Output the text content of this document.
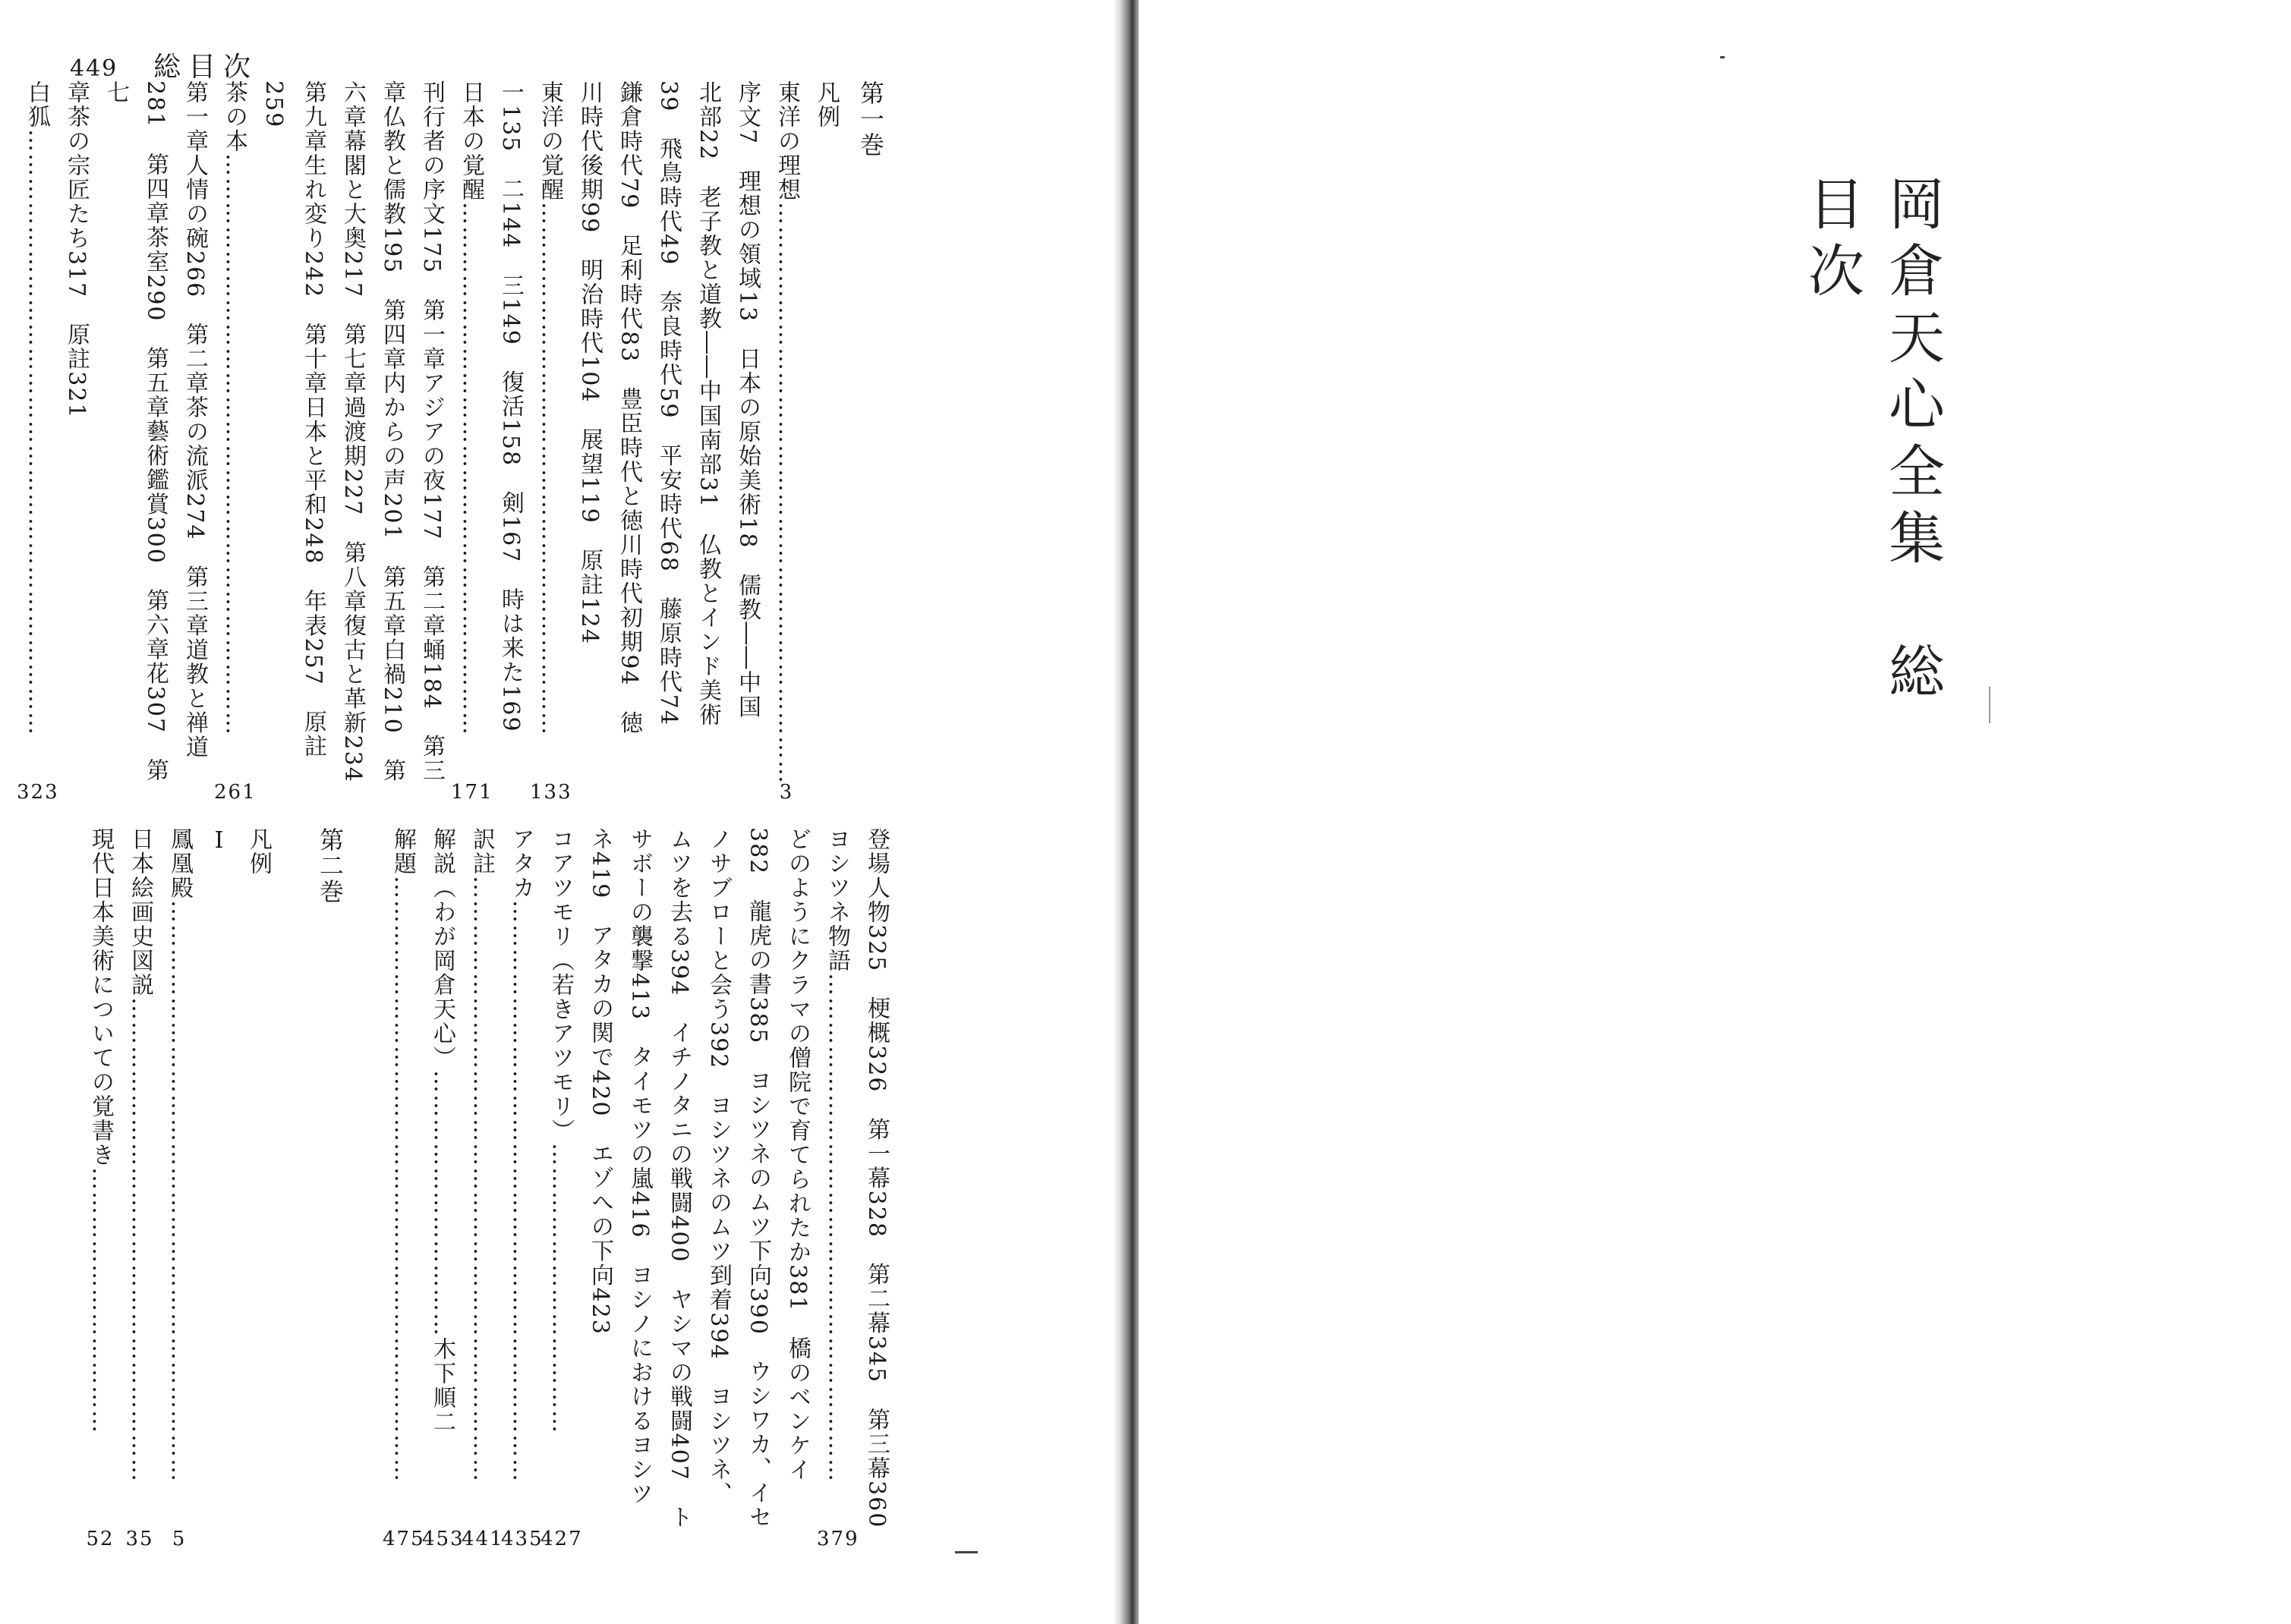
449 総目次
第一巻
凡例
東洋の理想………………………………………………………………
3
序文7　理想の領域13　日本の原始美術18　儒教――中国
北部22　老子教と道教――中国南部31　仏教とインド美術
39　飛鳥時代49　奈良時代59　平安時代68　藤原時代74
鎌倉時代79　足利時代83　豊臣時代と徳川時代初期94　徳
川時代後期99　明治時代104　展望119　原註124
東洋の覚醒…………………………………………………………
133
一135　二144　三149　復活158　剣167　時は来た169
日本の覚醒…………………………………………………………
171
刊行者の序文175　第一章アジアの夜177　第二章蛹184　第三
章仏教と儒教195　第四章内からの声201　第五章白禍210　第
六章幕閣と大奥217　第七章過渡期227　第八章復古と革新234
第九章生れ変り242　第十章日本と平和248　年表257　原註259
茶の本………………………………………………………………
261
第一章人情の碗266　第二章茶の流派274　第三章道教と禅道
281　第四章茶室290　第五章藝術鑑賞300　第六章花307　第七
章茶の宗匠たち317　原註321
白狐…………………………………………………………………
323
登場人物325　梗概326　第一幕328　第二幕345　第三幕360
ヨシツネ物語………………………………………………………
379
どのようにクラマの僧院で育てられたか381　橋のベンケイ
382　龍虎の書385　ヨシツネのムツ下向390　ウシワカ、イセ
ノサブローと会う392　ヨシツネのムツ到着394　ヨシツネ、
ムツを去る394　イチノタニの戦闘400　ヤシマの戦闘407　ト
サボーの襲撃413　タイモツの嵐416　ヨシノにおけるヨシツ
ネ419　アタカの関で420　エゾへの下向423
コアツモリ（若きアツモリ）………………………………
427
アタカ………………………………………………………………
435
訳註…………………………………………………………………
441
解説（わが岡倉天心）……………………………木下順二
453
解題…………………………………………………………………
475
第二巻
凡例
Ⅰ
鳳凰殿………………………………………………………………
5
日本絵画史図説……………………………………………………
35
現代日本美術についての覚書き……………………………
52
岡倉天心全集　総目次
